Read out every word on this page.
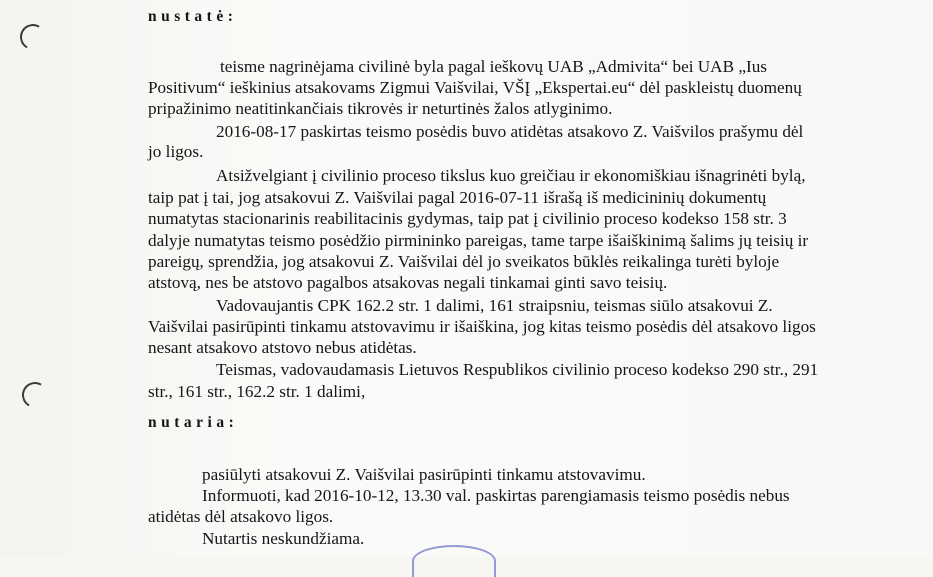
nustatė:
teisme nagrinėjama civilinė byla pagal ieškovų UAB „Admivita“ bei UAB „Ius
Positivum“ ieškinius atsakovams Zigmui Vaišvilai, VŠĮ „Ekspertai.eu“ dėl paskleistų duomenų
pripažinimo neatitinkančiais tikrovės ir neturtinės žalos atlyginimo.
2016-08-17 paskirtas teismo posėdis buvo atidėtas atsakovo Z. Vaišvilos prašymu dėl
jo ligos.
Atsižvelgiant į civilinio proceso tikslus kuo greičiau ir ekonomiškiau išnagrinėti bylą,
taip pat į tai, jog atsakovui Z. Vaišvilai pagal 2016-07-11 išrašą iš medicininių dokumentų
numatytas stacionarinis reabilitacinis gydymas, taip pat į civilinio proceso kodekso 158 str. 3
dalyje numatytas teismo posėdžio pirmininko pareigas, tame tarpe išaiškinimą šalims jų teisių ir
pareigų, sprendžia, jog atsakovui Z. Vaišvilai dėl jo sveikatos būklės reikalinga turėti byloje
atstovą, nes be atstovo pagalbos atsakovas negali tinkamai ginti savo teisių.
Vadovaujantis CPK 162.2 str. 1 dalimi, 161 straipsniu, teismas siūlo atsakovui Z.
Vaišvilai pasirūpinti tinkamu atstovavimu ir išaiškina, jog kitas teismo posėdis dėl atsakovo ligos
nesant atsakovo atstovo nebus atidėtas.
Teismas, vadovaudamasis Lietuvos Respublikos civilinio proceso kodekso 290 str., 291
str., 161 str., 162.2 str. 1 dalimi,
nutaria:
pasiūlyti atsakovui Z. Vaišvilai pasirūpinti tinkamu atstovavimu.
Informuoti, kad 2016-10-12, 13.30 val. paskirtas parengiamasis teismo posėdis nebus
atidėtas dėl atsakovo ligos.
Nutartis neskundžiama.
